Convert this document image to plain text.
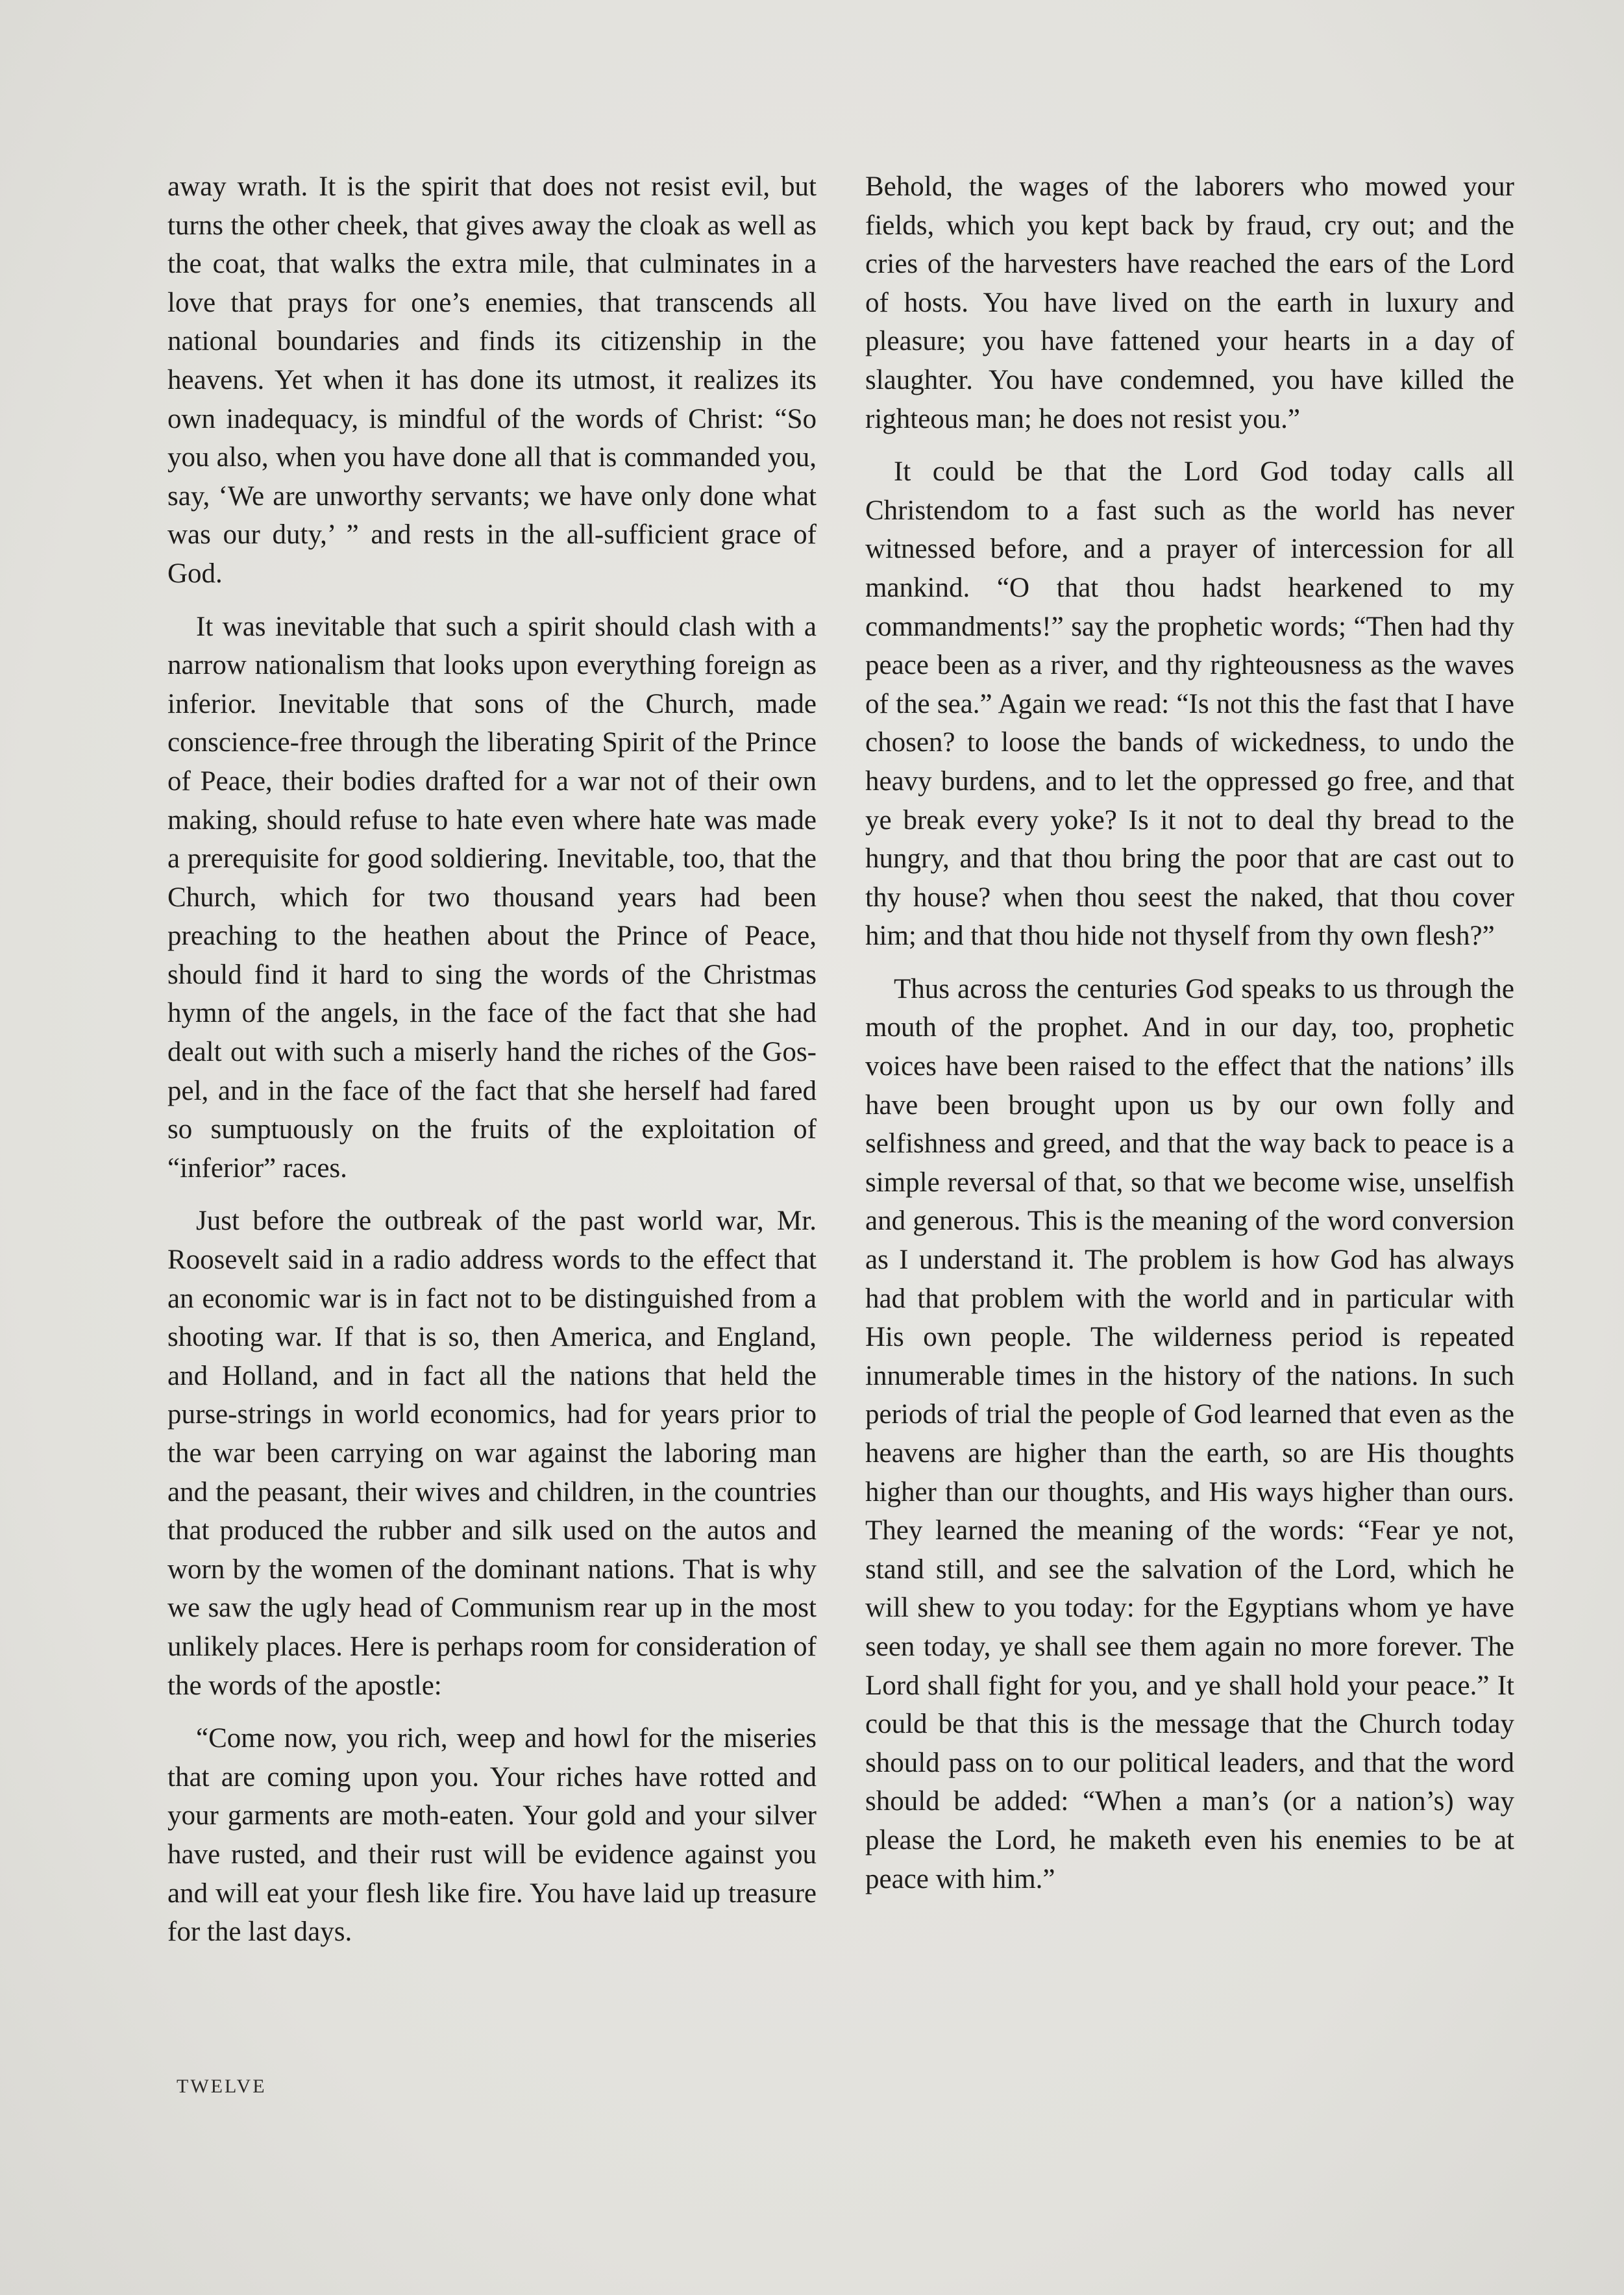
away wrath. It is the spirit that does not resist evil, but turns the other cheek, that gives away the cloak as well as the coat, that walks the extra mile, that culminates in a love that prays for one’s enemies, that transcends all national boundaries and finds its citizenship in the heavens. Yet when it has done its utmost, it realizes its own inadequacy, is mindful of the words of Christ: “So you also, when you have done all that is commanded you, say, ‘We are unworthy servants; we have only done what was our duty,’ ” and rests in the all-sufficient grace of God.

It was inevitable that such a spirit should clash with a narrow nationalism that looks upon everything foreign as inferior. Inevitable that sons of the Church, made conscience-free through the liberating Spirit of the Prince of Peace, their bodies drafted for a war not of their own making, should refuse to hate even where hate was made a prerequisite for good soldiering. Inevitable, too, that the Church, which for two thousand years had been preaching to the heathen about the Prince of Peace, should find it hard to sing the words of the Christmas hymn of the angels, in the face of the fact that she had dealt out with such a miserly hand the riches of the Gospel, and in the face of the fact that she herself had fared so sumptuously on the fruits of the exploitation of “inferior” races.

Just before the outbreak of the past world war, Mr. Roosevelt said in a radio address words to the effect that an economic war is in fact not to be distinguished from a shooting war. If that is so, then America, and England, and Holland, and in fact all the nations that held the purse-strings in world economics, had for years prior to the war been carrying on war against the laboring man and the peasant, their wives and children, in the countries that produced the rubber and silk used on the autos and worn by the women of the dominant nations. That is why we saw the ugly head of Communism rear up in the most unlikely places. Here is perhaps room for consideration of the words of the apostle:

“Come now, you rich, weep and howl for the miseries that are coming upon you. Your riches have rotted and your garments are moth-eaten. Your gold and your silver have rusted, and their rust will be evidence against you and will eat your flesh like fire. You have laid up treasure for the last days.

Behold, the wages of the laborers who mowed your fields, which you kept back by fraud, cry out; and the cries of the harvesters have reached the ears of the Lord of hosts. You have lived on the earth in luxury and pleasure; you have fattened your hearts in a day of slaughter. You have condemned, you have killed the righteous man; he does not resist you.”

It could be that the Lord God today calls all Christendom to a fast such as the world has never witnessed before, and a prayer of intercession for all mankind. “O that thou hadst hearkened to my commandments!” say the prophetic words; “Then had thy peace been as a river, and thy righteousness as the waves of the sea.” Again we read: “Is not this the fast that I have chosen? to loose the bands of wickedness, to undo the heavy burdens, and to let the oppressed go free, and that ye break every yoke? Is it not to deal thy bread to the hungry, and that thou bring the poor that are cast out to thy house? when thou seest the naked, that thou cover him; and that thou hide not thyself from thy own flesh?”

Thus across the centuries God speaks to us through the mouth of the prophet. And in our day, too, prophetic voices have been raised to the effect that the nations’ ills have been brought upon us by our own folly and selfishness and greed, and that the way back to peace is a simple reversal of that, so that we become wise, unselfish and generous. This is the meaning of the word conversion as I understand it. The problem is how God has always had that problem with the world and in particular with His own people. The wilderness period is repeated innumerable times in the history of the nations. In such periods of trial the people of God learned that even as the heavens are higher than the earth, so are His thoughts higher than our thoughts, and His ways higher than ours. They learned the meaning of the words: “Fear ye not, stand still, and see the salvation of the Lord, which he will shew to you today: for the Egyptians whom ye have seen today, ye shall see them again no more forever. The Lord shall fight for you, and ye shall hold your peace.” It could be that this is the message that the Church today should pass on to our political leaders, and that the word should be added: “When a man’s (or a nation’s) way please the Lord, he maketh even his enemies to be at peace with him.”

TWELVE
